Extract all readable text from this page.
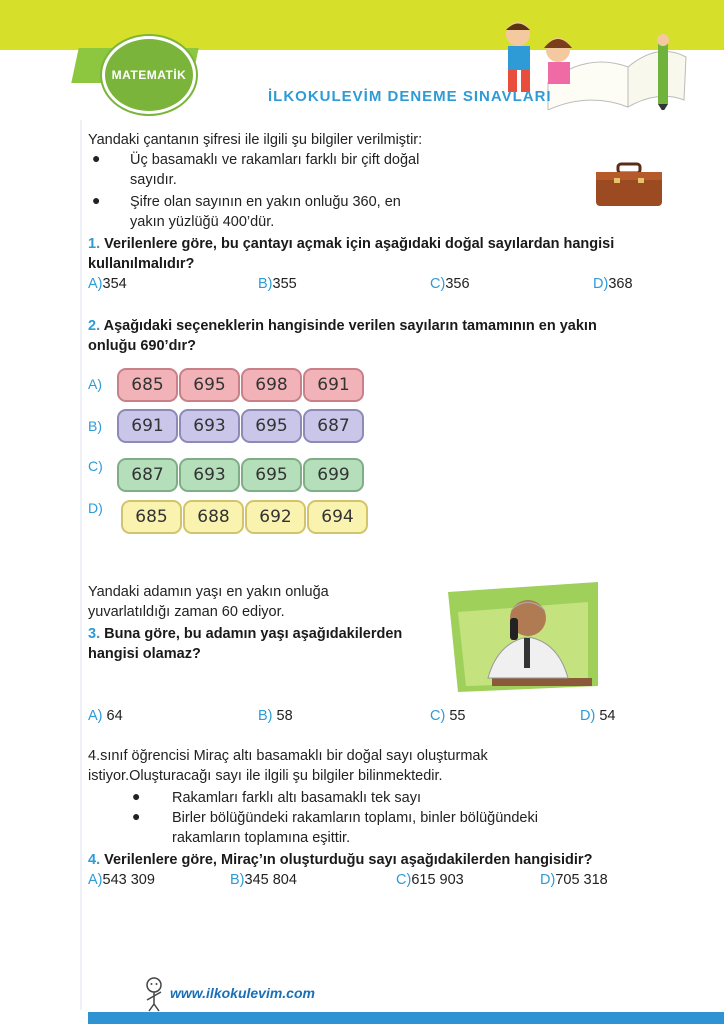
MATEMATİK
İLKOKULEVİM DENEME SINAVLARI
Yandaki çantanın şifresi ile ilgili şu bilgiler verilmiştir:
● Üç basamaklı ve rakamları farklı bir çift doğal
sayıdır.
● Şifre olan sayının en yakın onluğu 360, en
yakın yüzlüğü 400’dür.
1. Verilenlere göre, bu çantayı açmak için aşağıdaki doğal sayılardan hangisi
kullanılmalıdır?
A)354	B)355	C)356	D)368
2. Aşağıdaki seçeneklerin hangisinde verilen sayıların tamamının en yakın
onluğu 690’dır?
A)	685	695	698	691
B)	691	693	695	687
C)	687	693	695	699
D)	685	688	692	694
Yandaki adamın yaşı en yakın onluğa
yuvarlatıldığı zaman 60 ediyor.
3. Buna göre, bu adamın yaşı aşağıdakilerden
hangisi olamaz?
A) 64	B) 58	C) 55	D) 54
4.sınıf öğrencisi Miraç altı basamaklı bir doğal sayı oluşturmak
istiyor.Oluşturacağı sayı ile ilgili şu bilgiler bilinmektedir.
● Rakamları farklı altı basamaklı tek sayı
● Birler bölüğündeki rakamların toplamı, binler bölüğündeki
rakamların toplamına eşittir.
4. Verilenlere göre, Miraç’ın oluşturduğu sayı aşağıdakilerden hangisidir?
A)543 309	B)345 804	C)615 903	D)705 318
www.ilkokulevim.com
